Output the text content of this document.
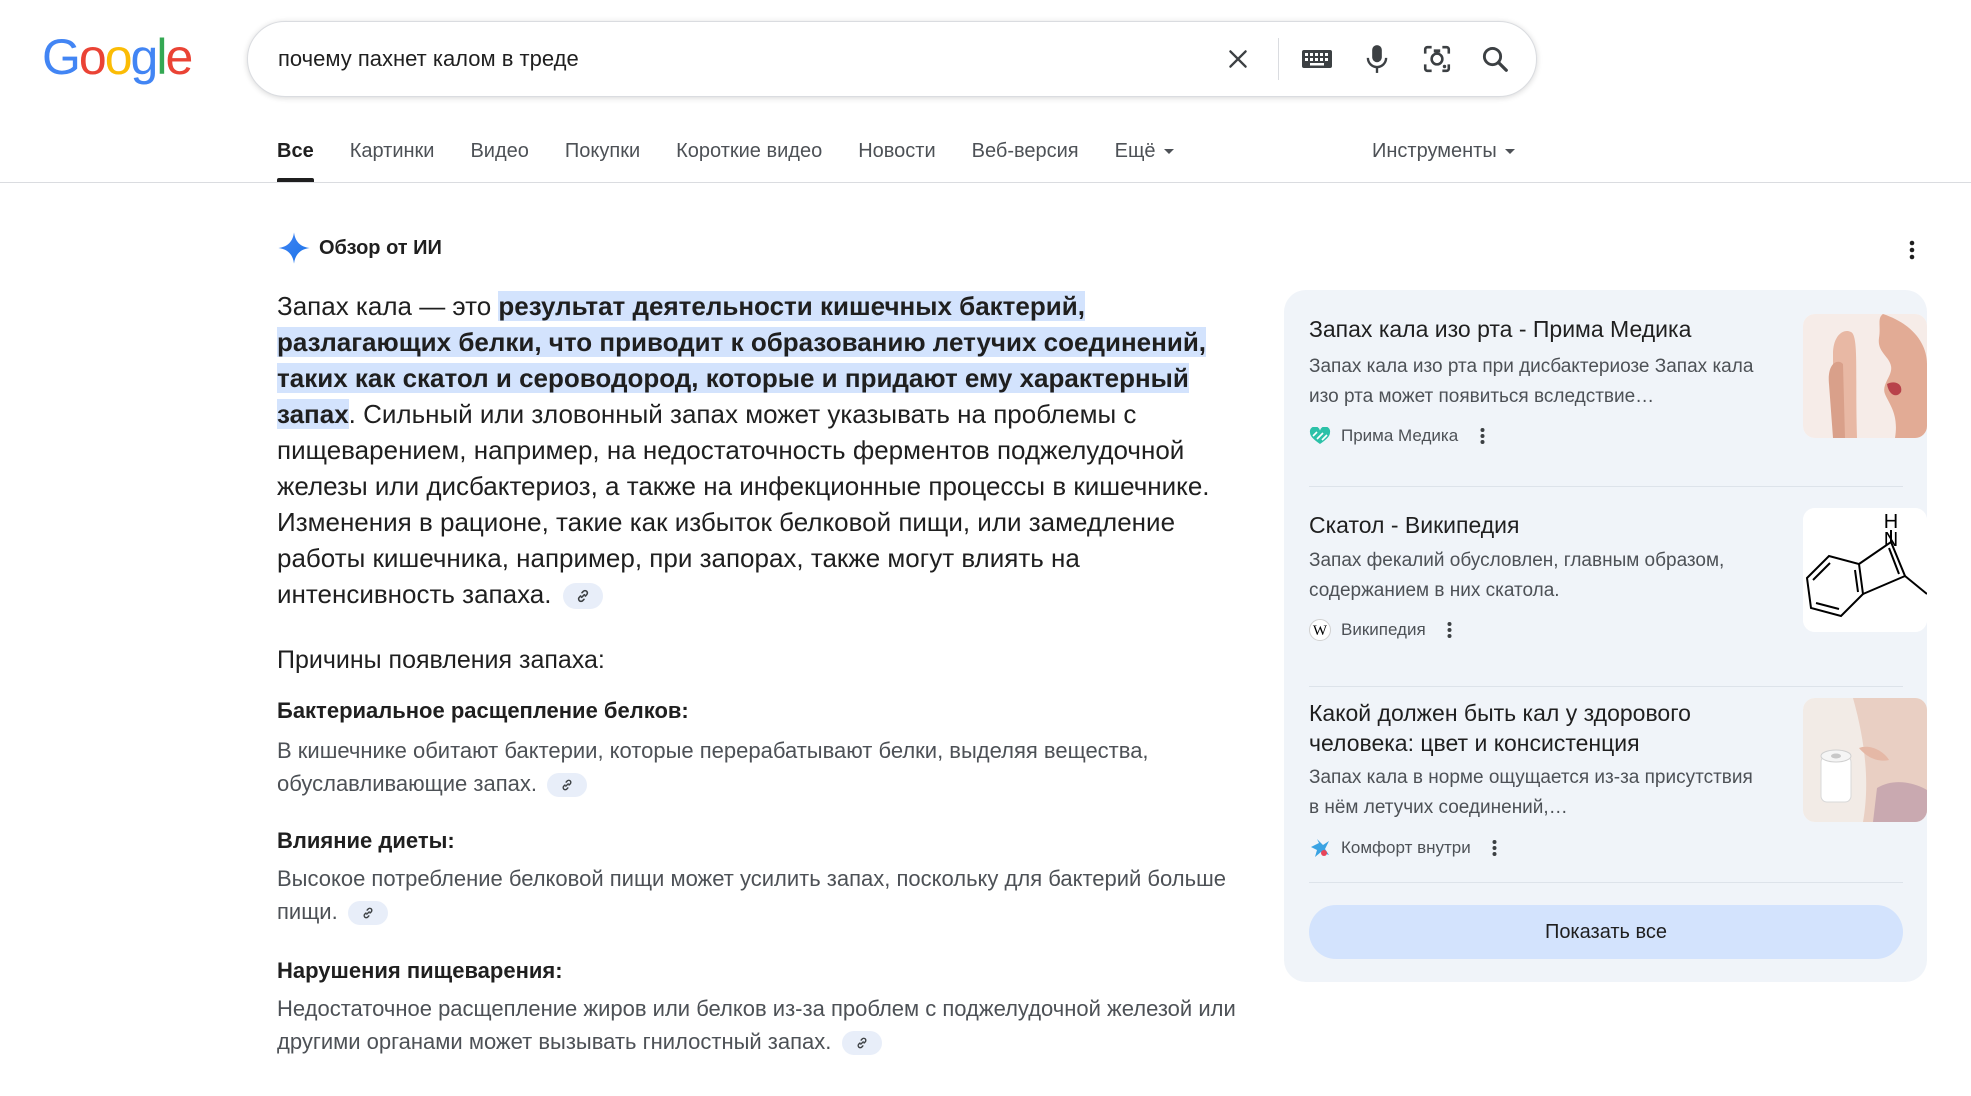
Google
почему пахнет калом в треде
Все Картинки Видео Покупки Короткие видео Новости Веб-версия Ещё	Инструменты
Обзор от ИИ
Запах кала — это результат деятельности кишечных бактерий, разлагающих белки, что приводит к образованию летучих соединений, таких как скатол и сероводород, которые и придают ему характерный запах. Сильный или зловонный запах может указывать на проблемы с пищеварением, например, на недостаточность ферментов поджелудочной железы или дисбактериоз, а также на инфекционные процессы в кишечнике. Изменения в рационе, такие как избыток белковой пищи, или замедление работы кишечника, например, при запорах, также могут влиять на интенсивность запаха.
Причины появления запаха:
Бактериальное расщепление белков:
В кишечнике обитают бактерии, которые перерабатывают белки, выделяя вещества, обуславливающие запах.
Влияние диеты:
Высокое потребление белковой пищи может усилить запах, поскольку для бактерий больше пищи.
Нарушения пищеварения:
Недостаточное расщепление жиров или белков из-за проблем с поджелудочной железой или другими органами может вызывать гнилостный запах.
Запах кала изо рта - Прима Медика
Запах кала изо рта при дисбактериозе Запах кала изо рта может появиться вследствие…
Прима Медика
Скатол - Википедия
Запах фекалий обусловлен, главным образом, содержанием в них скатола.
W Википедия
H
N
Какой должен быть кал у здорового человека: цвет и консистенция
Запах кала в норме ощущается из-за присутствия в нём летучих соединений,…
Комфорт внутри
Показать все
